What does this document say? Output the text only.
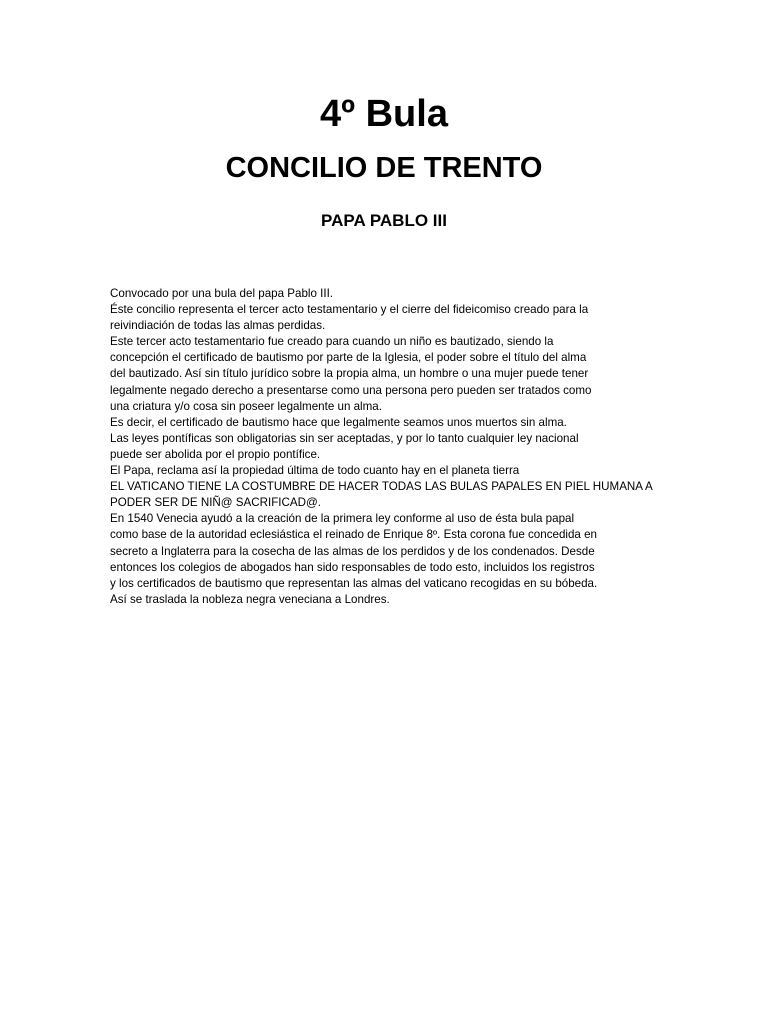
4º Bula
CONCILIO DE TRENTO
PAPA PABLO III
Convocado por una bula del papa Pablo III.
Éste concilio representa el tercer acto testamentario y el cierre del fideicomiso creado para la
reivindiación de todas las almas perdidas.
Este tercer acto testamentario fue creado para cuando un niño es bautizado, siendo la
concepción el certificado de bautismo por parte de la Iglesia, el poder sobre el título del alma
del bautizado. Así sin título jurídico sobre la propia alma, un hombre o una mujer puede tener
legalmente negado derecho a presentarse como una persona pero pueden ser tratados como
una criatura y/o cosa sin poseer legalmente un alma.
Es decir, el certificado de bautismo hace que legalmente seamos unos muertos sin alma.
Las leyes pontíficas son obligatorias sin ser aceptadas, y por lo tanto cualquier ley nacional
puede ser abolida por el propio pontífice.
El Papa, reclama así la propiedad última de todo cuanto hay en el planeta tierra
EL VATICANO TIENE LA COSTUMBRE DE HACER TODAS LAS BULAS PAPALES EN PIEL HUMANA A
PODER SER DE NIÑ@ SACRIFICAD@.
En 1540 Venecia ayudó a la creación de la primera ley conforme al uso de ésta bula papal
como base de la autoridad eclesiástica el reinado de Enrique 8º. Esta corona fue concedida en
secreto a Inglaterra para la cosecha de las almas de los perdidos y de los condenados. Desde
entonces los colegios de abogados han sido responsables de todo esto, incluidos los registros
y los certificados de bautismo que representan las almas del vaticano recogidas en su bóbeda.
Así se traslada la nobleza negra veneciana a Londres.
